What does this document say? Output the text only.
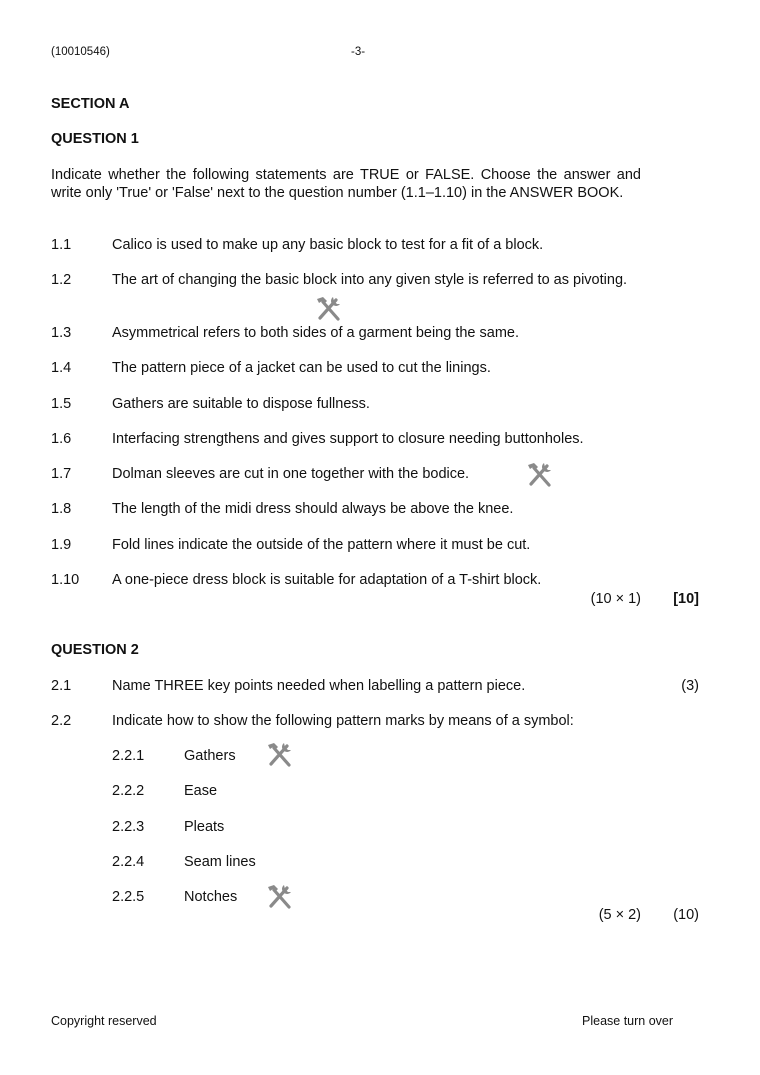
(10010546)	-3-
SECTION A
QUESTION 1
Indicate whether the following statements are TRUE or FALSE. Choose the answer and write only 'True' or 'False' next to the question number (1.1–1.10) in the ANSWER BOOK.
1.1	Calico is used to make up any basic block to test for a fit of a block.
1.2	The art of changing the basic block into any given style is referred to as pivoting.
1.3	Asymmetrical refers to both sides of a garment being the same.
1.4	The pattern piece of a jacket can be used to cut the linings.
1.5	Gathers are suitable to dispose fullness.
1.6	Interfacing strengthens and gives support to closure needing buttonholes.
1.7	Dolman sleeves are cut in one together with the bodice.
1.8	The length of the midi dress should always be above the knee.
1.9	Fold lines indicate the outside of the pattern where it must be cut.
1.10 A one-piece dress block is suitable for adaptation of a T-shirt block.
(10 × 1) [10]
QUESTION 2
2.1	Name THREE key points needed when labelling a pattern piece.	(3)
2.2	Indicate how to show the following pattern marks by means of a symbol:
2.2.1	Gathers
2.2.2	Ease
2.2.3	Pleats
2.2.4	Seam lines
2.2.5	Notches
(5 × 2) (10)
Copyright reserved	Please turn over
